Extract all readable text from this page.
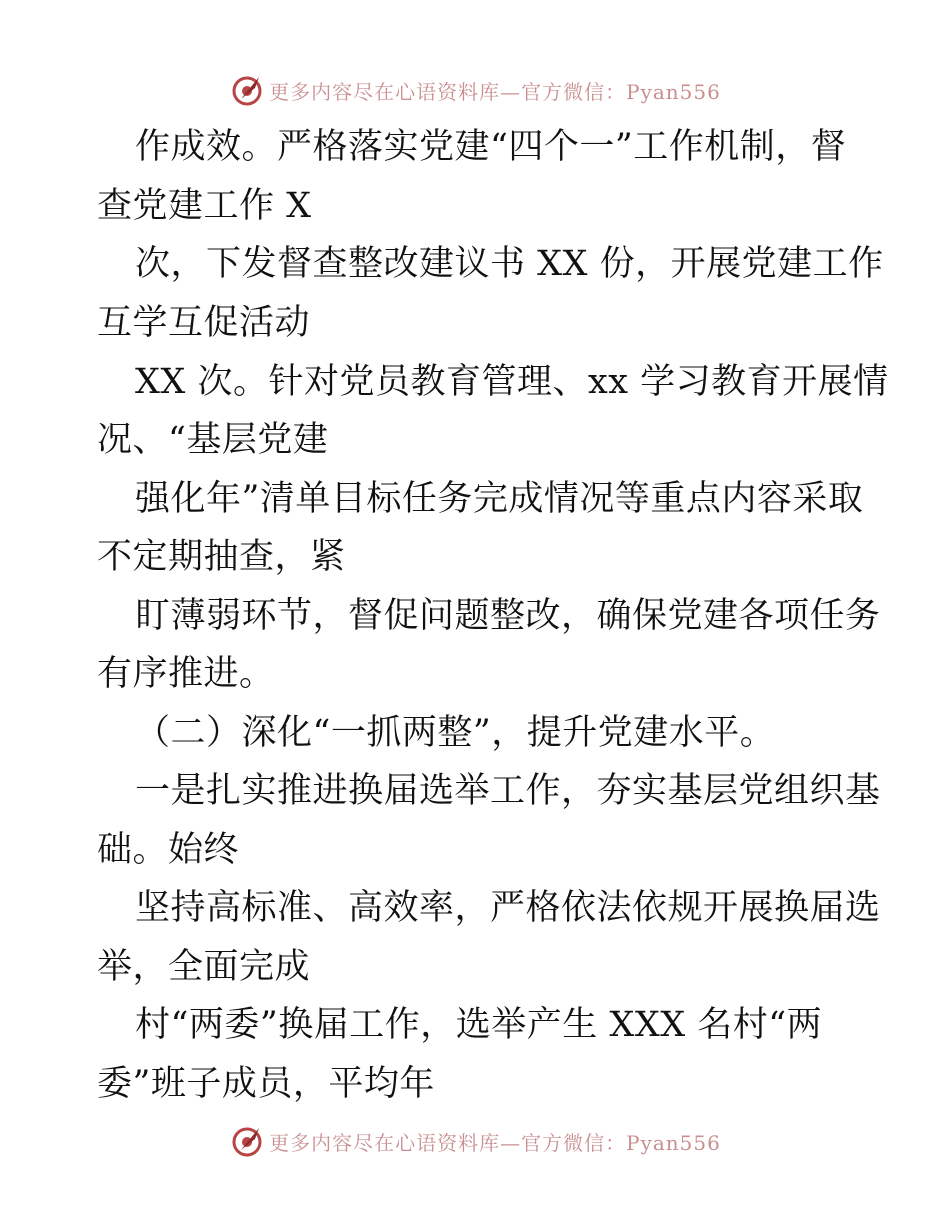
更多内容尽在心语资料库—官方微信：Pyan556
作成效。严格落实党建“四个一”工作机制，督
查党建工作 X
次，下发督查整改建议书 XX 份，开展党建工作
互学互促活动
XX 次。针对党员教育管理、xx 学习教育开展情
况、“基层党建
强化年”清单目标任务完成情况等重点内容采取
不定期抽查，紧
盯薄弱环节，督促问题整改，确保党建各项任务
有序推进。
（二）深化“一抓两整”，提升党建水平。
一是扎实推进换届选举工作，夯实基层党组织基
础。始终
坚持高标准、高效率，严格依法依规开展换届选
举，全面完成
村“两委”换届工作，选举产生 XXX 名村“两
委”班子成员，平均年
更多内容尽在心语资料库—官方微信：Pyan556
